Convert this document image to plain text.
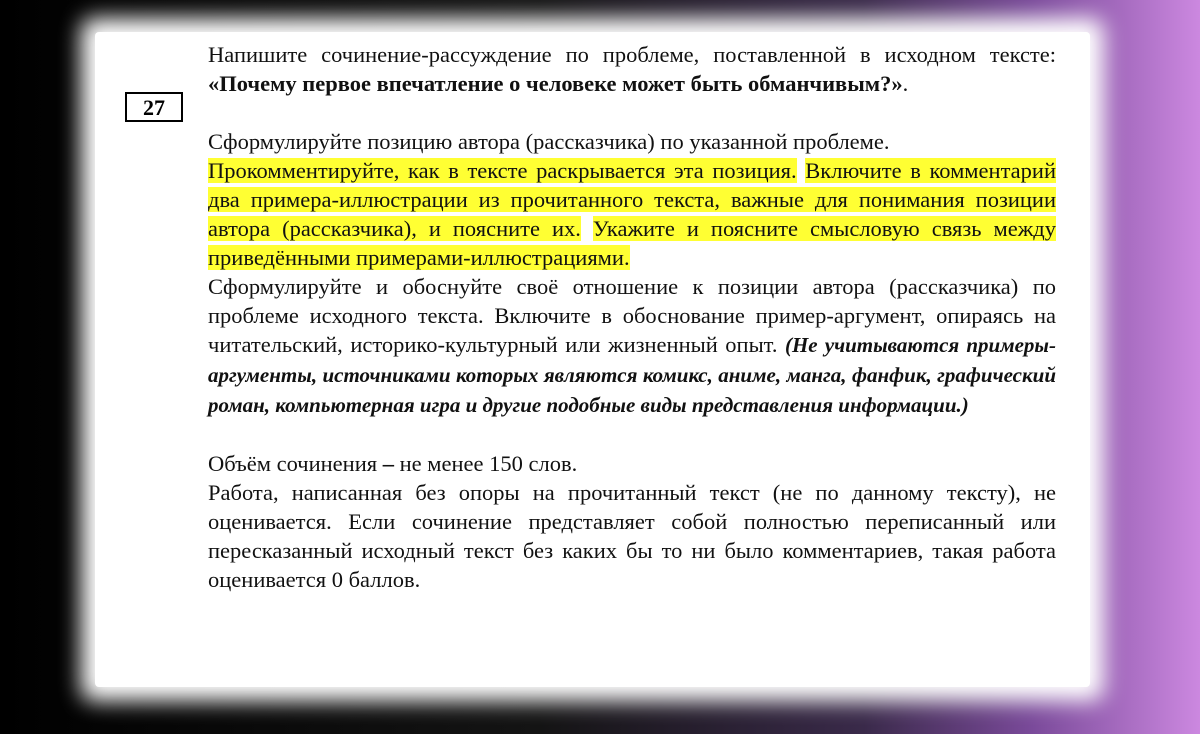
27

Напишите сочинение-рассуждение по проблеме, поставленной в исходном тексте: «Почему первое впечатление о человеке может быть обманчивым?».

Сформулируйте позицию автора (рассказчика) по указанной проблеме.

Прокомментируйте, как в тексте раскрывается эта позиция. Включите в комментарий два примера-иллюстрации из прочитанного текста, важные для понимания позиции автора (рассказчика), и поясните их. Укажите и поясните смысловую связь между приведёнными примерами-иллюстрациями.

Сформулируйте и обоснуйте своё отношение к позиции автора (рассказчика) по проблеме исходного текста. Включите в обоснование пример-аргумент, опираясь на читательский, историко-культурный или жизненный опыт. (Не учитываются примеры-аргументы, источниками которых являются комикс, аниме, манга, фанфик, графический роман, компьютерная игра и другие подобные виды представления информации.)

Объём сочинения – не менее 150 слов.

Работа, написанная без опоры на прочитанный текст (не по данному тексту), не оценивается. Если сочинение представляет собой полностью переписанный или пересказанный исходный текст без каких бы то ни было комментариев, такая работа оценивается 0 баллов.
